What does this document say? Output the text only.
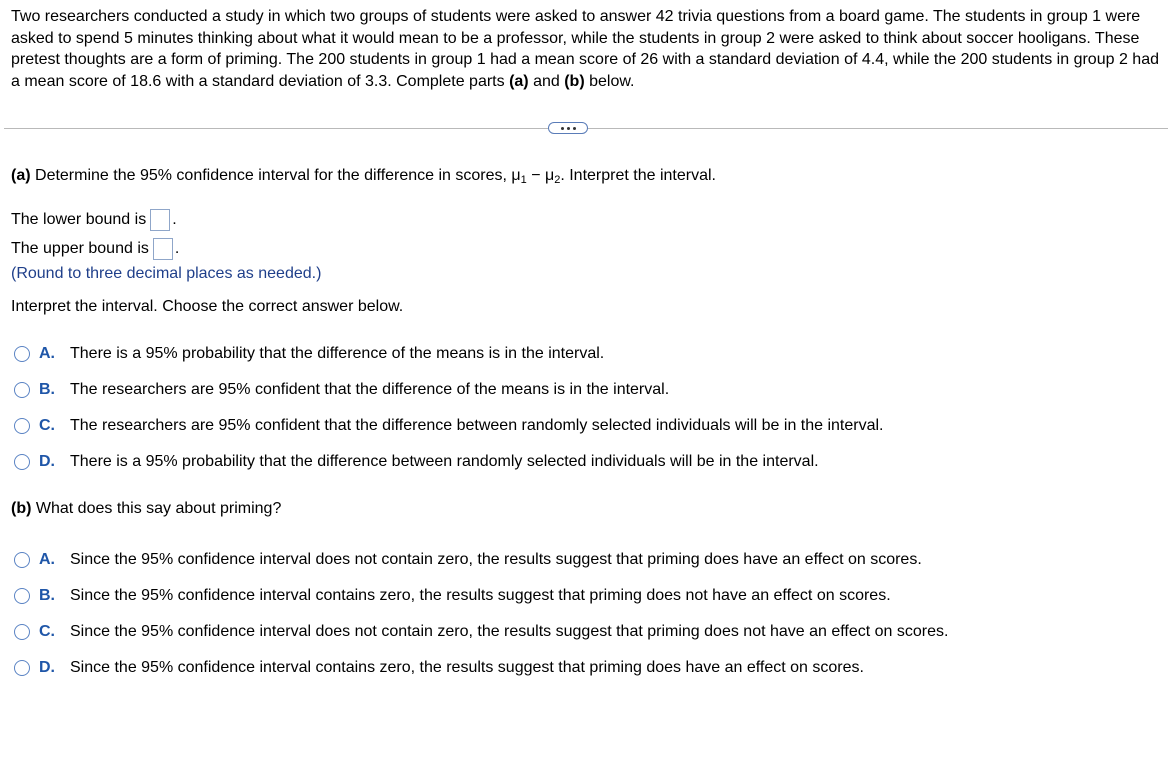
Two researchers conducted a study in which two groups of students were asked to answer 42 trivia questions from a board game. The students in group 1 were asked to spend 5 minutes thinking about what it would mean to be a professor, while the students in group 2 were asked to think about soccer hooligans. These pretest thoughts are a form of priming. The 200 students in group 1 had a mean score of 26 with a standard deviation of 4.4, while the 200 students in group 2 had a mean score of 18.6 with a standard deviation of 3.3. Complete parts (a) and (b) below.
(a) Determine the 95% confidence interval for the difference in scores, $\mu_1 - \mu_2$. Interpret the interval.
The lower bound is .
The upper bound is .
(Round to three decimal places as needed.)
Interpret the interval. Choose the correct answer below.
A. There is a 95% probability that the difference of the means is in the interval.
B. The researchers are 95% confident that the difference of the means is in the interval.
C. The researchers are 95% confident that the difference between randomly selected individuals will be in the interval.
D. There is a 95% probability that the difference between randomly selected individuals will be in the interval.
(b) What does this say about priming?
A. Since the 95% confidence interval does not contain zero, the results suggest that priming does have an effect on scores.
B. Since the 95% confidence interval contains zero, the results suggest that priming does not have an effect on scores.
C. Since the 95% confidence interval does not contain zero, the results suggest that priming does not have an effect on scores.
D. Since the 95% confidence interval contains zero, the results suggest that priming does have an effect on scores.
